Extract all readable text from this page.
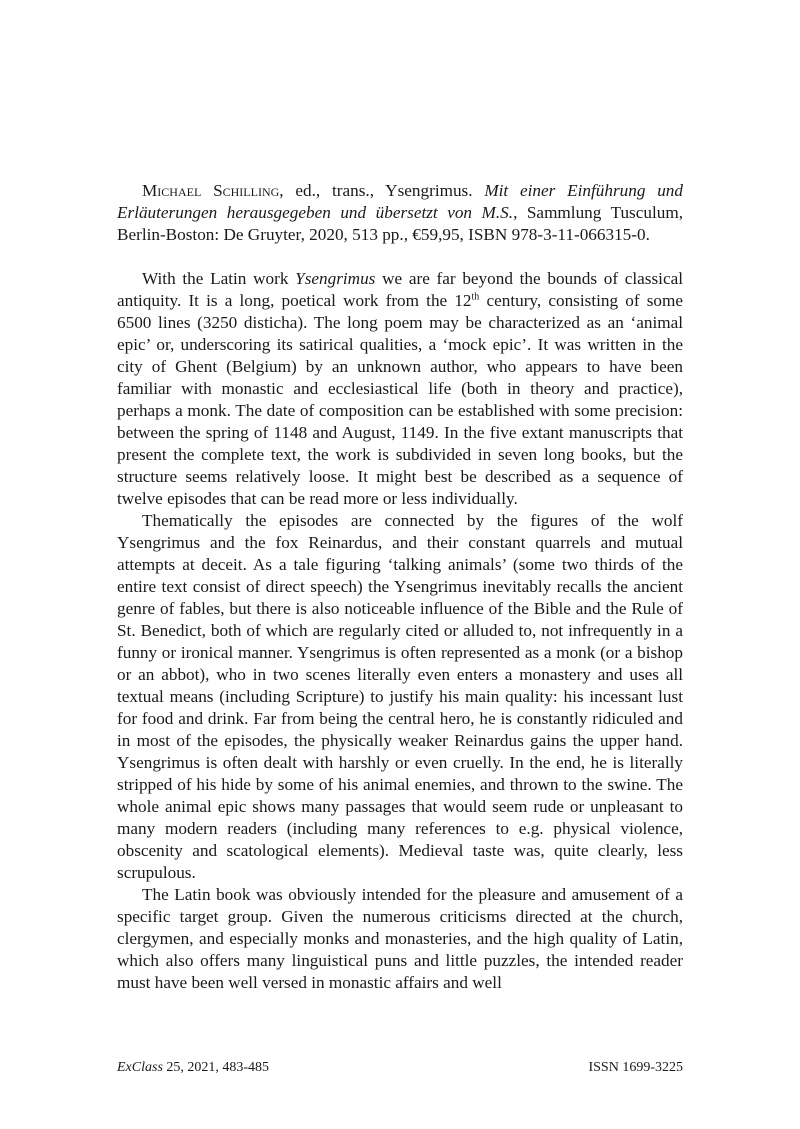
Michael Schilling, ed., trans., Ysengrimus. Mit einer Einführung und Erläuterungen herausgegeben und übersetzt von M.S., Sammlung Tusculum, Berlin-Boston: De Gruyter, 2020, 513 pp., €59,95, ISBN 978-3-11-066315-0.

With the Latin work Ysengrimus we are far beyond the bounds of classical antiquity. It is a long, poetical work from the 12th century, consisting of some 6500 lines (3250 disticha). The long poem may be characterized as an ‘animal epic’ or, underscoring its satirical qualities, a ‘mock epic’. It was written in the city of Ghent (Belgium) by an unknown author, who appears to have been familiar with monastic and ecclesiastical life (both in theory and practice), perhaps a monk. The date of composition can be established with some precision: between the spring of 1148 and August, 1149. In the five extant manuscripts that present the complete text, the work is subdivided in seven long books, but the structure seems relatively loose. It might best be described as a sequence of twelve episodes that can be read more or less individually.

Thematically the episodes are connected by the figures of the wolf Ysengrimus and the fox Reinardus, and their constant quarrels and mutual attempts at deceit. As a tale figuring ‘talking animals’ (some two thirds of the entire text consist of direct speech) the Ysengrimus inevitably recalls the ancient genre of fables, but there is also noticeable influence of the Bible and the Rule of St. Benedict, both of which are regularly cited or alluded to, not infrequently in a funny or ironical manner. Ysengrimus is often represented as a monk (or a bishop or an abbot), who in two scenes literally even enters a monastery and uses all textual means (including Scripture) to justify his main quality: his incessant lust for food and drink. Far from being the central hero, he is constantly ridiculed and in most of the episodes, the physically weaker Reinardus gains the upper hand. Ysengrimus is often dealt with harshly or even cruelly. In the end, he is literally stripped of his hide by some of his animal enemies, and thrown to the swine. The whole animal epic shows many passages that would seem rude or unpleasant to many modern readers (including many references to e.g. physical violence, obscenity and scatological elements). Medieval taste was, quite clearly, less scrupulous.

The Latin book was obviously intended for the pleasure and amusement of a specific target group. Given the numerous criticisms directed at the church, clergymen, and especially monks and monasteries, and the high quality of Latin, which also offers many linguistical puns and little puzzles, the intended reader must have been well versed in monastic affairs and well

ExClass 25, 2021, 483-485	ISSN 1699-3225
